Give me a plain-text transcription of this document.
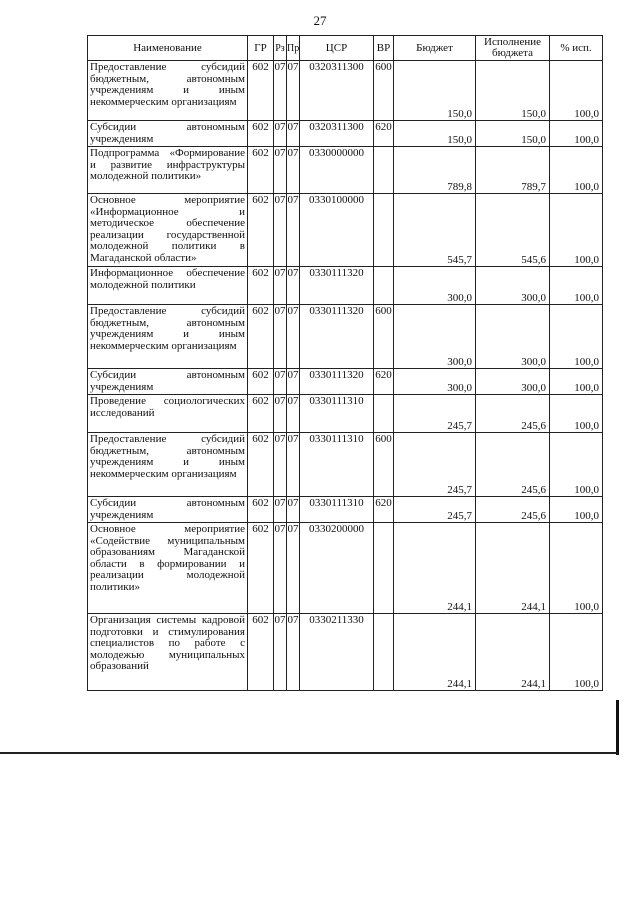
27
Наименование	ГР	Рз	Пр	ЦСР	ВР	Бюджет	Исполнение бюджета	% исп.
Предоставление субсидий бюджетным, автономным учреждениям и иным некоммерческим организациям	602	07	07	0320311300	600	150,0	150,0	100,0
Субсидии автономным учреждениям	602	07	07	0320311300	620	150,0	150,0	100,0
Подпрограмма «Формирование и развитие инфраструктуры молодежной политики»	602	07	07	0330000000		789,8	789,7	100,0
Основное мероприятие «Информационное и методическое обеспечение реализации государственной молодежной политики в Магаданской области»	602	07	07	0330100000		545,7	545,6	100,0
Информационное обеспечение молодежной политики	602	07	07	0330111320		300,0	300,0	100,0
Предоставление субсидий бюджетным, автономным учреждениям и иным некоммерческим организациям	602	07	07	0330111320	600	300,0	300,0	100,0
Субсидии автономным учреждениям	602	07	07	0330111320	620	300,0	300,0	100,0
Проведение социологических исследований	602	07	07	0330111310		245,7	245,6	100,0
Предоставление субсидий бюджетным, автономным учреждениям и иным некоммерческим организациям	602	07	07	0330111310	600	245,7	245,6	100,0
Субсидии автономным учреждениям	602	07	07	0330111310	620	245,7	245,6	100,0
Основное мероприятие «Содействие муниципальным образованиям Магаданской области в формировании и реализации молодежной политики»	602	07	07	0330200000		244,1	244,1	100,0
Организация системы кадровой подготовки и стимулирования специалистов по работе с молодежью муниципальных образований	602	07	07	0330211330		244,1	244,1	100,0
